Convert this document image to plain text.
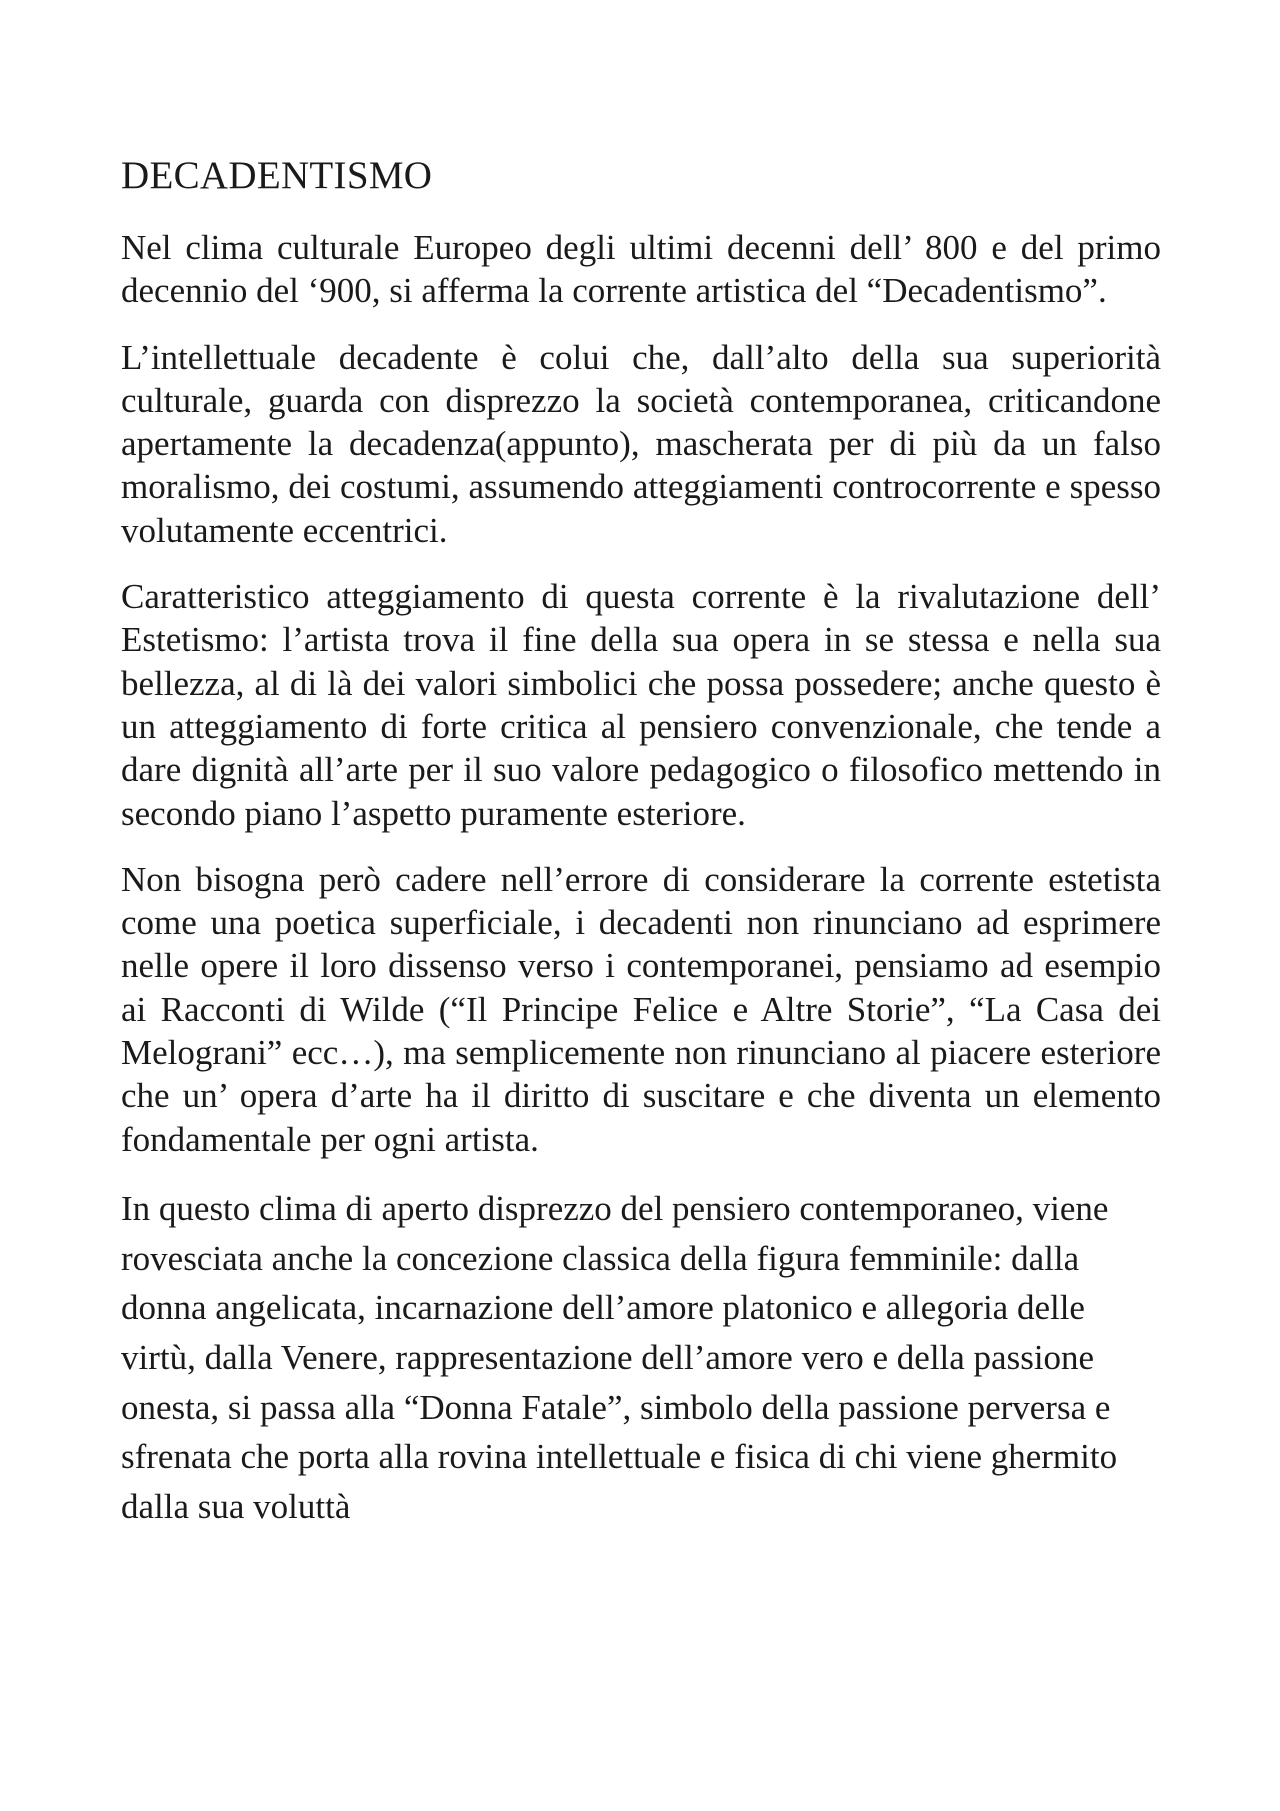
DECADENTISMO

Nel clima culturale Europeo degli ultimi decenni dell’ 800 e del primo decennio del ‘900, si afferma la corrente artistica del “Decadentismo”.

L’intellettuale decadente è colui che, dall’alto della sua superiorità culturale, guarda con disprezzo la società contemporanea, criticandone apertamente la decadenza(appunto), mascherata per di più da un falso moralismo, dei costumi, assumendo atteggiamenti controcorrente e spesso volutamente eccentrici.

Caratteristico atteggiamento di questa corrente è la rivalutazione dell’ Estetismo: l’artista trova il fine della sua opera in se stessa e nella sua bellezza, al di là dei valori simbolici che possa possedere; anche questo è un atteggiamento di forte critica al pensiero convenzionale, che tende a dare dignità all’arte per il suo valore pedagogico o filosofico mettendo in secondo piano l’aspetto puramente esteriore.

Non bisogna però cadere nell’errore di considerare la corrente estetista come una poetica superficiale, i decadenti non rinunciano ad esprimere nelle opere il loro dissenso verso i contemporanei, pensiamo ad esempio ai Racconti di Wilde (“Il Principe Felice e Altre Storie”, “La Casa dei Melograni” ecc…), ma semplicemente non rinunciano al piacere esteriore che un’ opera d’arte ha il diritto di suscitare e che diventa un elemento fondamentale per ogni artista.

In questo clima di aperto disprezzo del pensiero contemporaneo, viene rovesciata anche la concezione classica della figura femminile: dalla donna angelicata, incarnazione dell’amore platonico e allegoria delle virtù, dalla Venere, rappresentazione dell’amore vero e della passione onesta, si passa alla “Donna Fatale”, simbolo della passione perversa e sfrenata che porta alla rovina intellettuale e fisica di chi viene ghermito dalla sua voluttà
